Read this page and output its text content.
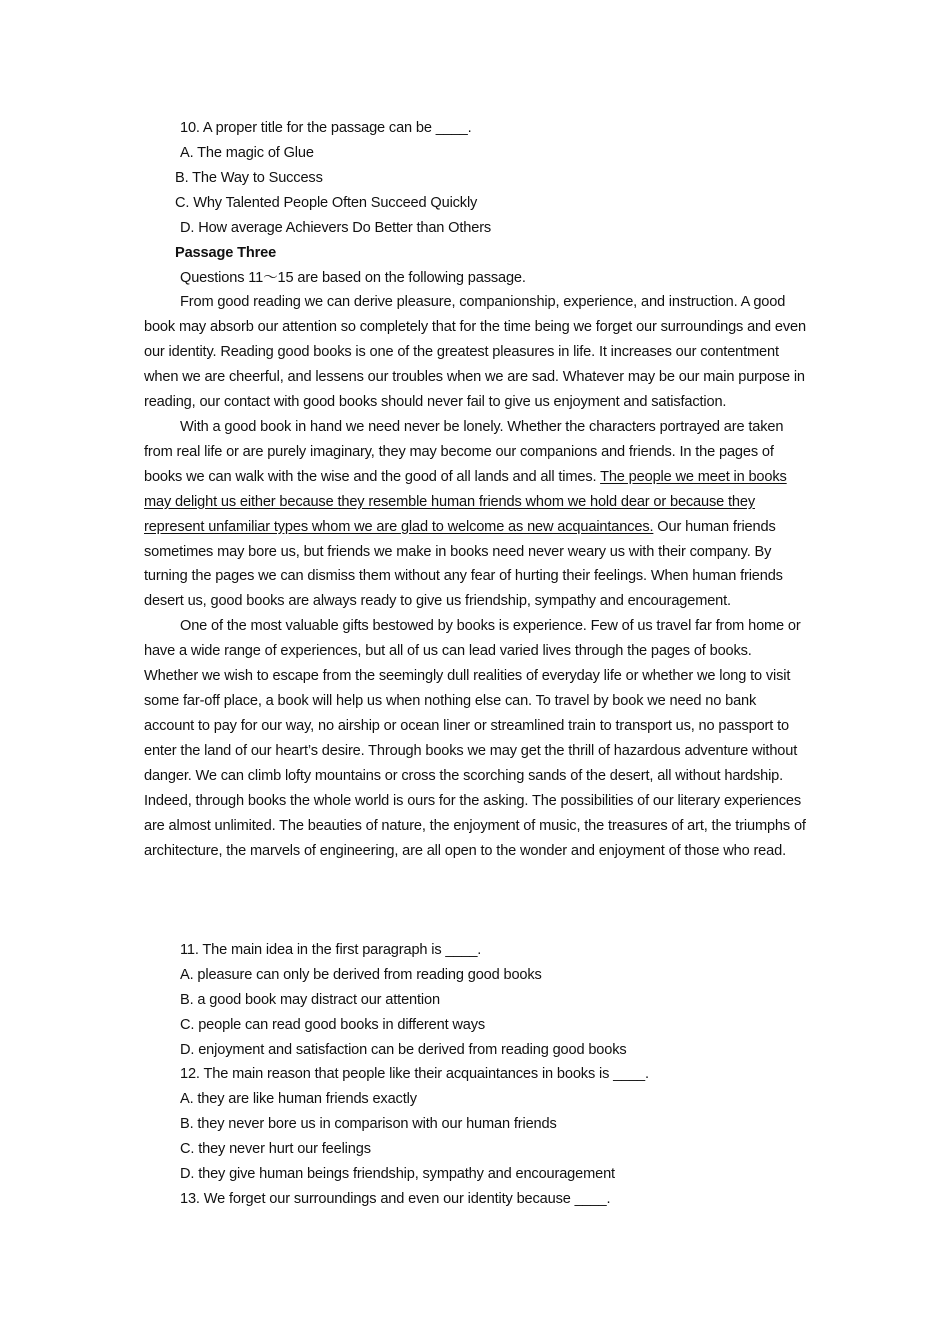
10. A proper title for the passage can be ____.
A. The magic of Glue
B. The Way to Success
C. Why Talented People Often Succeed Quickly
D. How average Achievers Do Better than Others
Passage Three
Questions 11～15 are based on the following passage.

From good reading we can derive pleasure, companionship, experience, and instruction. A good book may absorb our attention so completely that for the time being we forget our surroundings and even our identity. Reading good books is one of the greatest pleasures in life. It increases our contentment when we are cheerful, and lessens our troubles when we are sad. Whatever may be our main purpose in reading, our contact with good books should never fail to give us enjoyment and satisfaction.

With a good book in hand we need never be lonely. Whether the characters portrayed are taken from real life or are purely imaginary, they may become our companions and friends. In the pages of books we can walk with the wise and the good of all lands and all times. The people we meet in books may delight us either because they resemble human friends whom we hold dear or because they represent unfamiliar types whom we are glad to welcome as new acquaintances. Our human friends sometimes may bore us, but friends we make in books need never weary us with their company. By turning the pages we can dismiss them without any fear of hurting their feelings. When human friends desert us, good books are always ready to give us friendship, sympathy and encouragement.

One of the most valuable gifts bestowed by books is experience. Few of us travel far from home or have a wide range of experiences, but all of us can lead varied lives through the pages of books. Whether we wish to escape from the seemingly dull realities of everyday life or whether we long to visit some far-off place, a book will help us when nothing else can. To travel by book we need no bank account to pay for our way, no airship or ocean liner or streamlined train to transport us, no passport to enter the land of our heart’s desire. Through books we may get the thrill of hazardous adventure without danger. We can climb lofty mountains or cross the scorching sands of the desert, all without hardship. Indeed, through books the whole world is ours for the asking. The possibilities of our literary experiences are almost unlimited. The beauties of nature, the enjoyment of music, the treasures of art, the triumphs of architecture, the marvels of engineering, are all open to the wonder and enjoyment of those who read.

11. The main idea in the first paragraph is ____.
A. pleasure can only be derived from reading good books
B. a good book may distract our attention
C. people can read good books in different ways
D. enjoyment and satisfaction can be derived from reading good books
12. The main reason that people like their acquaintances in books is ____.
A. they are like human friends exactly
B. they never bore us in comparison with our human friends
C. they never hurt our feelings
D. they give human beings friendship, sympathy and encouragement
13. We forget our surroundings and even our identity because ____.
